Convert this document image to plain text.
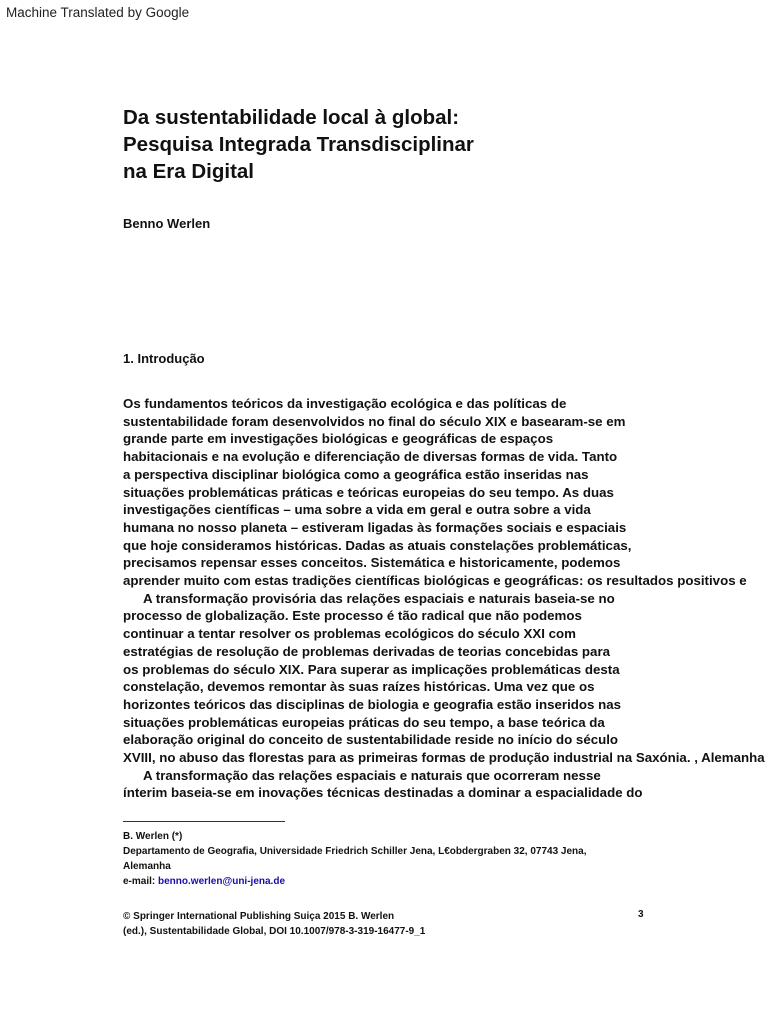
Machine Translated by Google
Da sustentabilidade local à global:
Pesquisa Integrada Transdisciplinar
na Era Digital
Benno Werlen
1. Introdução
Os fundamentos teóricos da investigação ecológica e das políticas de
sustentabilidade foram desenvolvidos no final do século XIX e basearam-se em
grande parte em investigações biológicas e geográficas de espaços
habitacionais e na evolução e diferenciação de diversas formas de vida. Tanto
a perspectiva disciplinar biológica como a geográfica estão inseridas nas
situações problemáticas práticas e teóricas europeias do seu tempo. As duas
investigações científicas – uma sobre a vida em geral e outra sobre a vida
humana no nosso planeta – estiveram ligadas às formações sociais e espaciais
que hoje consideramos históricas. Dadas as atuais constelações problemáticas,
precisamos repensar esses conceitos. Sistemática e historicamente, podemos
aprender muito com estas tradições científicas biológicas e geográficas: os resultados positivos e
A transformação provisória das relações espaciais e naturais baseia-se no
processo de globalização. Este processo é tão radical que não podemos
continuar a tentar resolver os problemas ecológicos do século XXI com
estratégias de resolução de problemas derivadas de teorias concebidas para
os problemas do século XIX. Para superar as implicações problemáticas desta
constelação, devemos remontar às suas raízes históricas. Uma vez que os
horizontes teóricos das disciplinas de biologia e geografia estão inseridos nas
situações problemáticas europeias práticas do seu tempo, a base teórica da
elaboração original do conceito de sustentabilidade reside no início do século
XVIII, no abuso das florestas para as primeiras formas de produção industrial na Saxónia. , Alemanha
A transformação das relações espaciais e naturais que ocorreram nesse
ínterim baseia-se em inovações técnicas destinadas a dominar a espacialidade do
B. Werlen (*)
Departamento de Geografia, Universidade Friedrich Schiller Jena, L€obdergraben 32, 07743 Jena,
Alemanha
e-mail: benno.werlen@uni-jena.de
© Springer International Publishing Suiça 2015 B. Werlen
(ed.), Sustentabilidade Global, DOI 10.1007/978-3-319-16477-9_1
3
